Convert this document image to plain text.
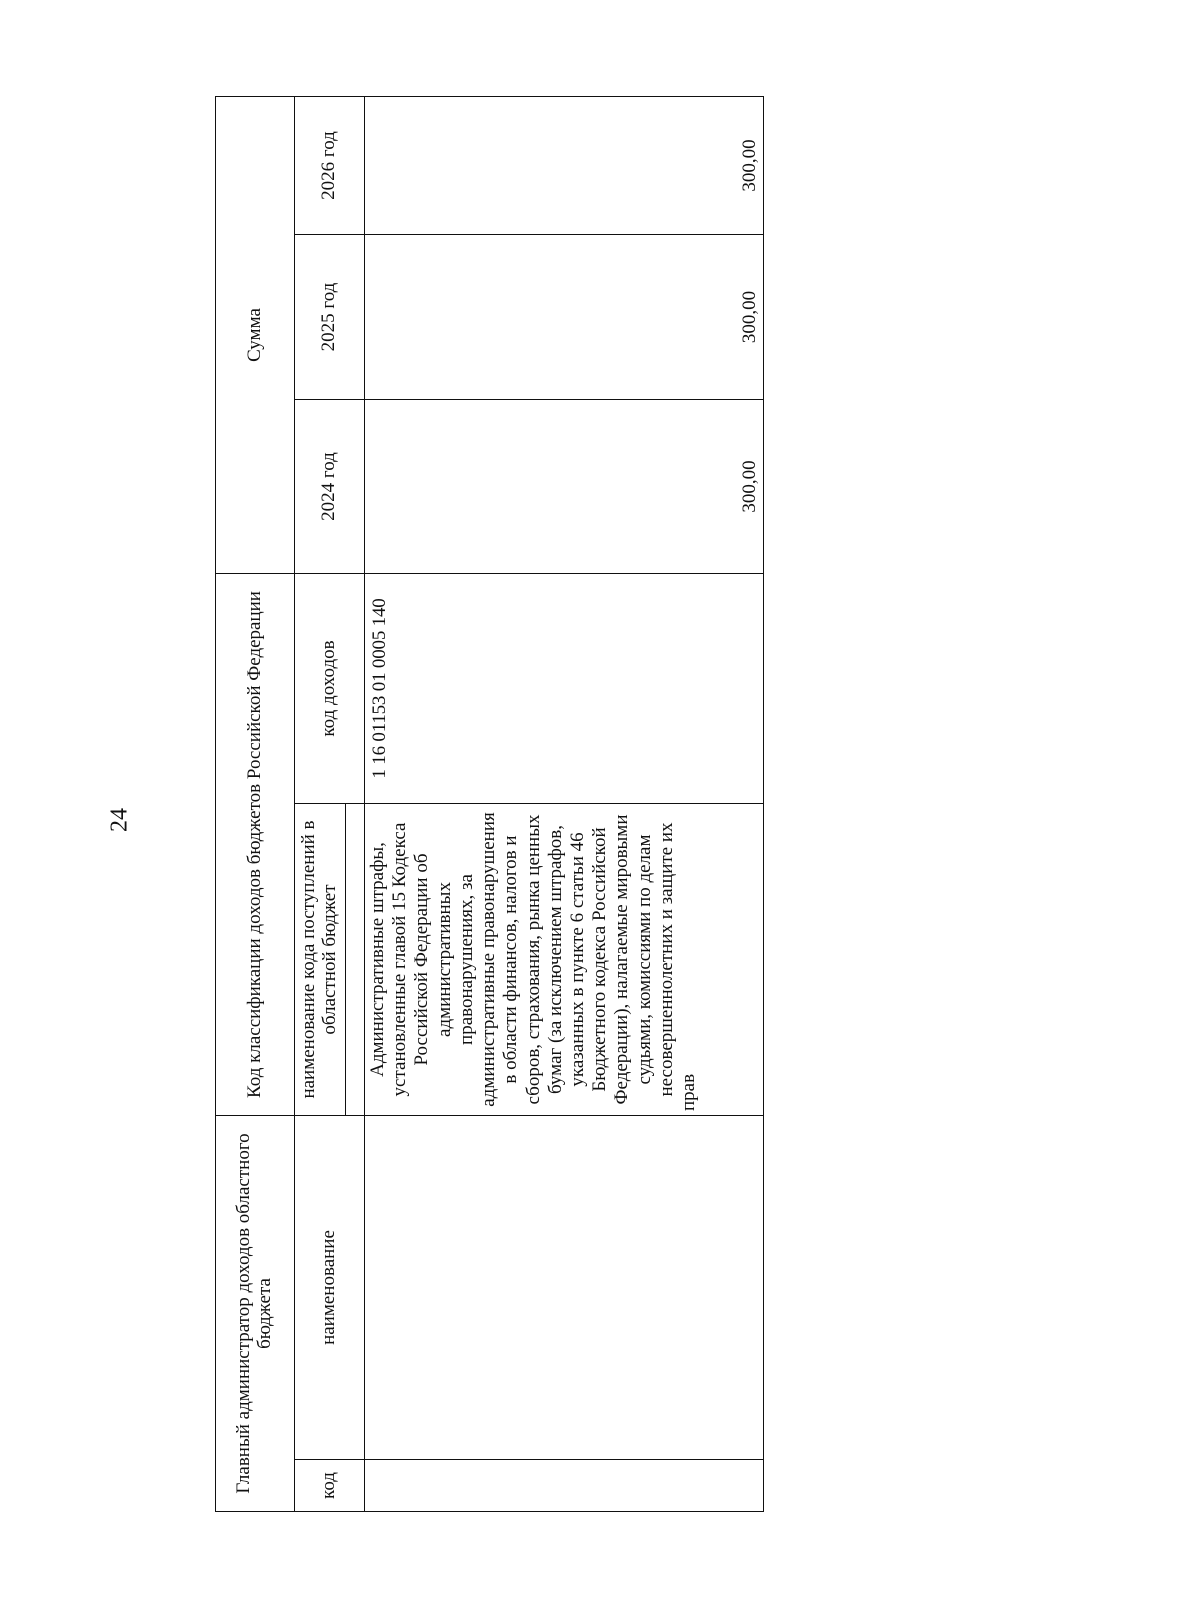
24
Главный администратор доходов областного бюджета		Код классификации доходов бюджетов Российской Федерации		Сумма		
код	наименование	наименование кода поступлений в областной бюджет	код доходов	2024 год	2025 год	2026 год

		Административные штрафы, установленные главой 15 Кодекса Российской Федерации об административных правонарушениях, за административные правонарушения в области финансов, налогов и сборов, страхования, рынка ценных бумаг (за исключением штрафов, указанных в пункте 6 статьи 46 Бюджетного кодекса Российской Федерации), налагаемые мировыми судьями, комиссиями по делам несовершеннолетних и защите их прав	1 16 01153 01 0005 140	300,00	300,00	300,00
